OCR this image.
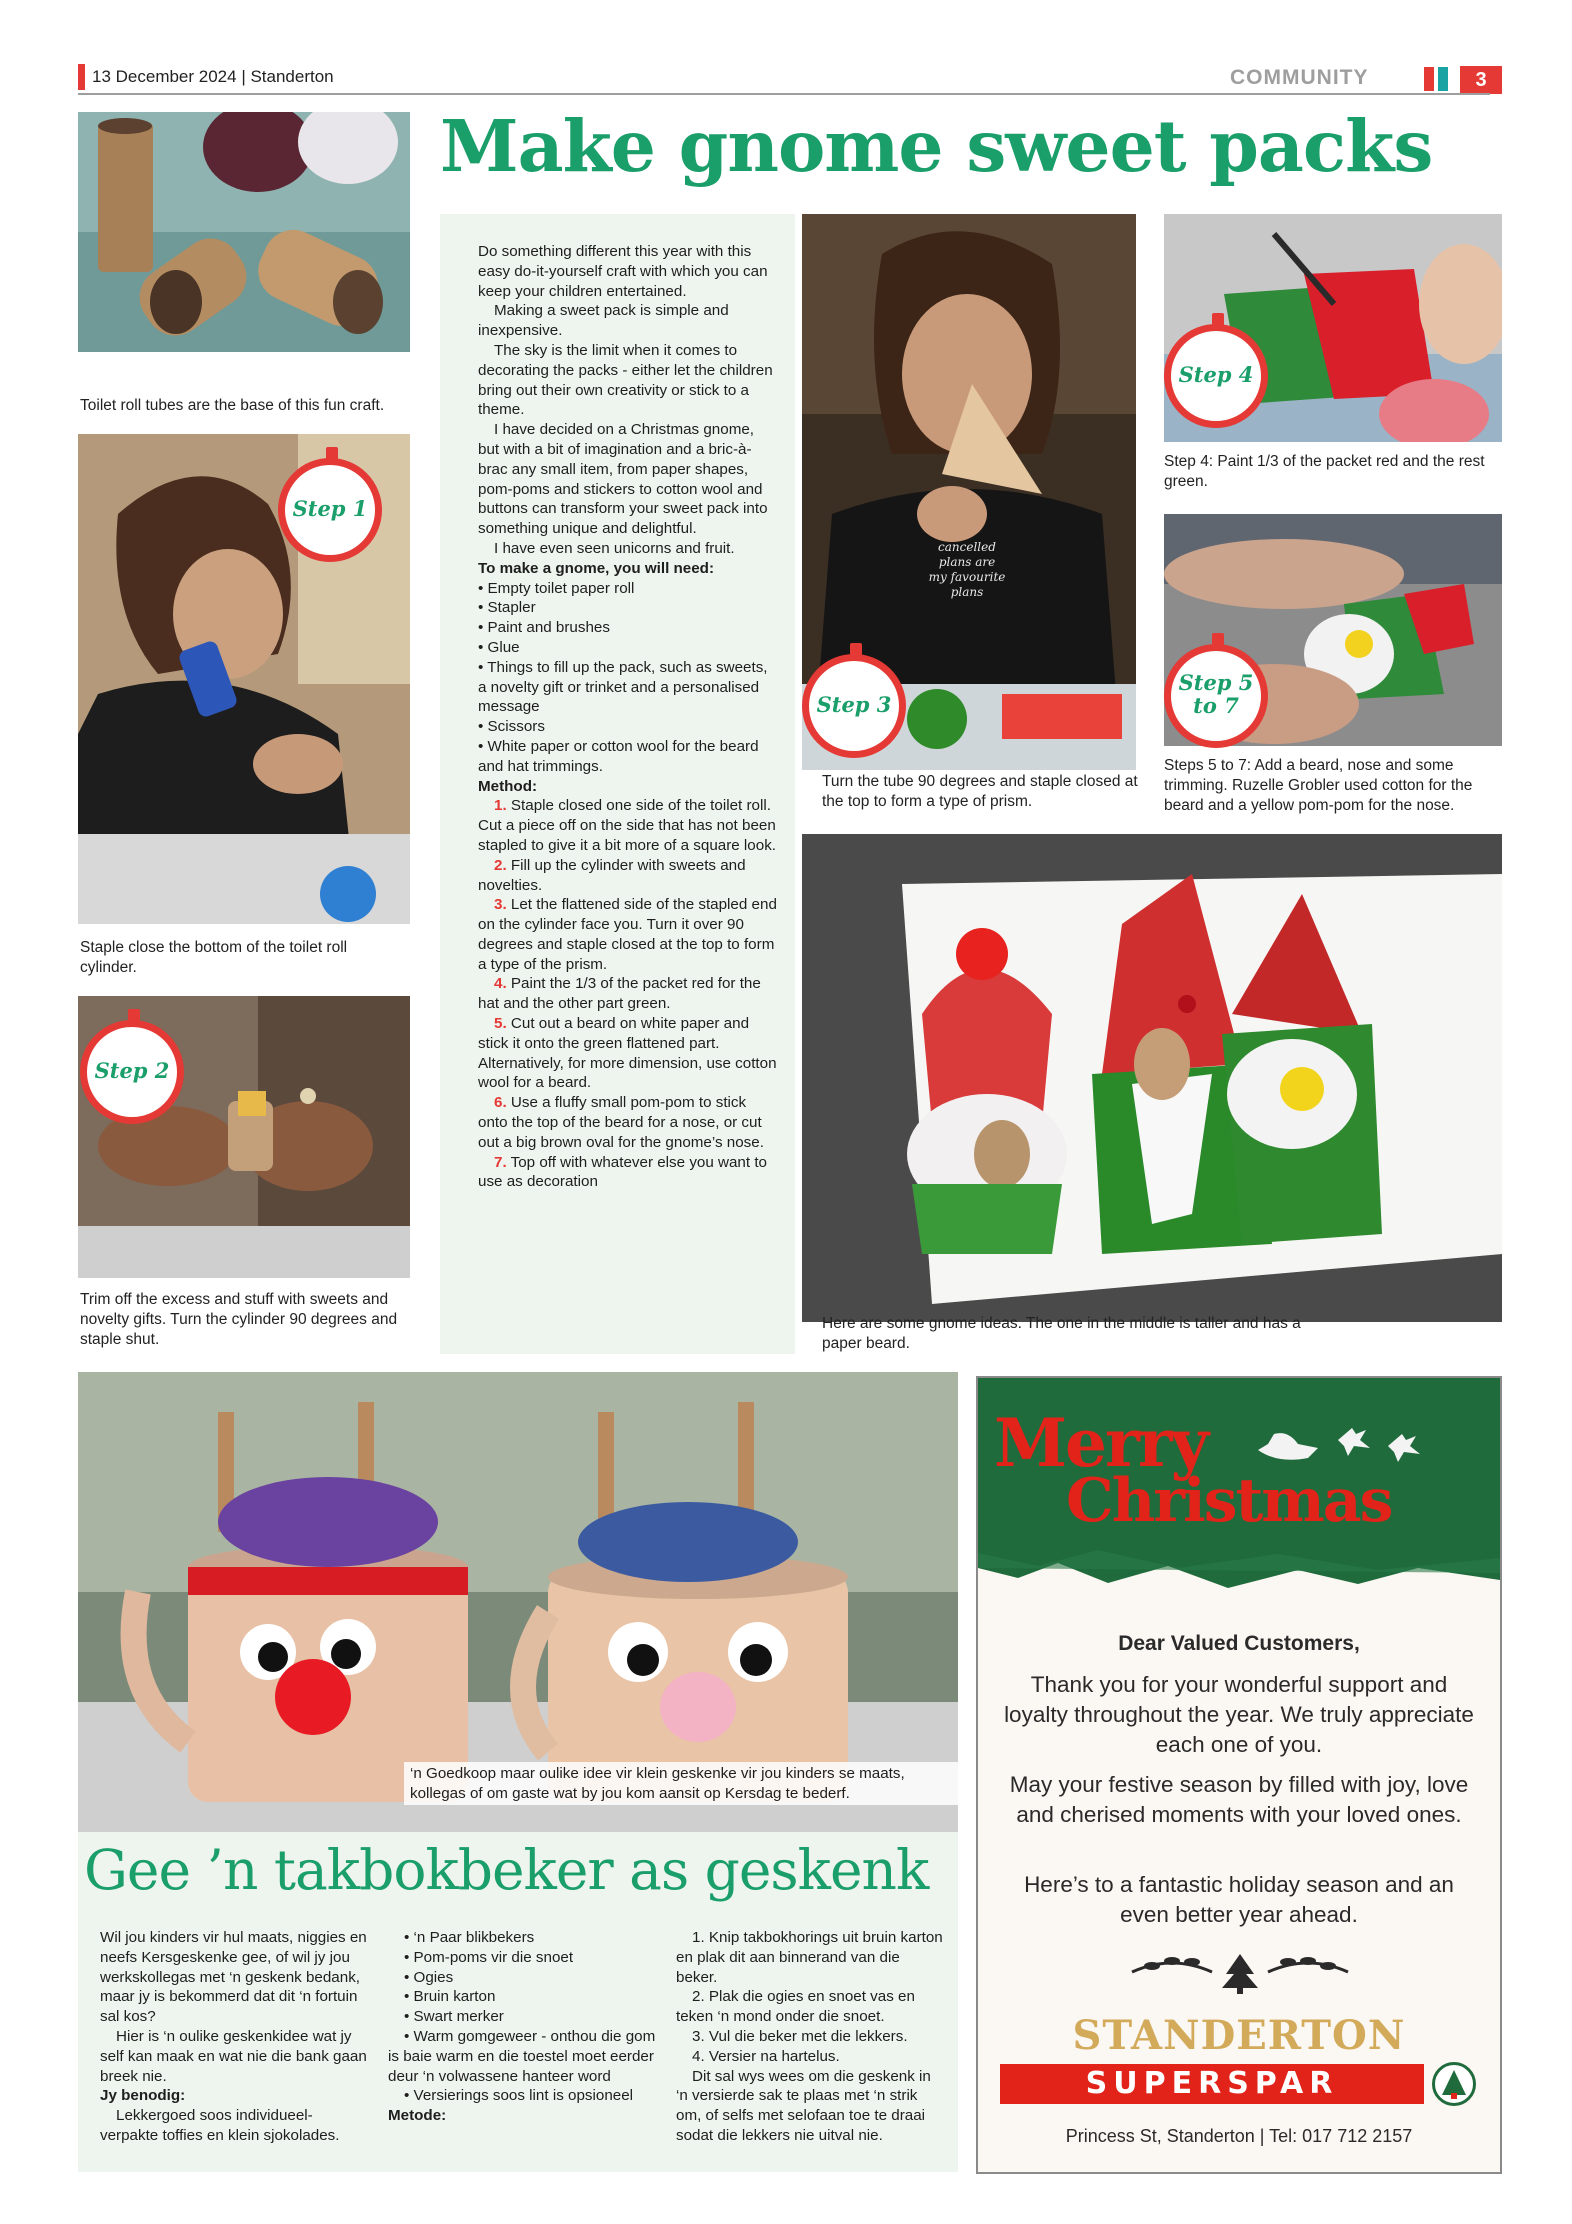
13 December 2024 | Standerton	COMMUNITY	3
Make gnome sweet packs
Toilet roll tubes are the base of this fun craft.
Staple close the bottom of the toilet roll cylinder.
Trim off the excess and stuff with sweets and novelty gifts. Turn the cylinder 90 degrees and staple shut.

Do something different this year with this easy do-it-yourself craft with which you can keep your children entertained.

Making a sweet pack is simple and inexpensive.

The sky is the limit when it comes to decorating the packs - either let the children bring out their own creativity or stick to a theme.

I have decided on a Christmas gnome, but with a bit of imagination and a bric-à-brac any small item, from paper shapes, pom-poms and stickers to cotton wool and buttons can transform your sweet pack into something unique and delightful.

I have even seen unicorns and fruit.

To make a gnome, you will need:

• Empty toilet paper roll

• Stapler

• Paint and brushes

• Glue

• Things to fill up the pack, such as sweets, a novelty gift or trinket and a personalised message

• Scissors

• White paper or cotton wool for the beard and hat trimmings.

Method:

1. Staple closed one side of the toilet roll. Cut a piece off on the side that has not been stapled to give it a bit more of a square look.

2. Fill up the cylinder with sweets and novelties.

3. Let the flattened side of the stapled end on the cylinder face you. Turn it over 90 degrees and staple closed at the top to form a type of the prism.

4. Paint the 1/3 of the packet red for the hat and the other part green.

5. Cut out a beard on white paper and stick it onto the green flattened part. Alternatively, for more dimension, use cotton wool for a beard.

6. Use a fluffy small pom-pom to stick onto the top of the beard for a nose, or cut out a big brown oval for the gnome’s nose.

7. Top off with whatever else you want to use as decoration

cancelled
plans are
my favourite
plans
Turn the tube 90 degrees and staple closed at the top to form a type of prism.
Step 4: Paint 1/3 of the packet red and the rest green.
Steps 5 to 7: Add a beard, nose and some trimming. Ruzelle Grobler used cotton for the beard and a yellow pom-pom for the nose.
Here are some gnome ideas. The one in the middle is taller and has a paper beard.
Step 1
Step 2
Step 3
Step 4
Step 5
to 7
‘n Goedkoop maar oulike idee vir klein geskenke vir jou kinders se maats, kollegas of om gaste wat by jou kom aansit op Kersdag te bederf.
Gee ’n takbokbeker as geskenk

Wil jou kinders vir hul maats, niggies en neefs Kersgeskenke gee, of wil jy jou werkskollegas met ‘n geskenk bedank, maar jy is bekommerd dat dit ‘n fortuin sal kos?

Hier is ‘n oulike geskenkidee wat jy self kan maak en wat nie die bank gaan breek nie.

Jy benodig:

Lekkergoed soos individueel-verpakte toffies en klein sjokolades.

• ‘n Paar blikbekers

• Pom-poms vir die snoet

• Ogies

• Bruin karton

• Swart merker

• Warm gomgeweer - onthou die gom is baie warm en die toestel moet eerder deur ‘n volwassene hanteer word

• Versierings soos lint is opsioneel

Metode:

1. Knip takbokhorings uit bruin karton en plak dit aan binnerand van die beker.

2. Plak die ogies en snoet vas en teken ‘n mond onder die snoet.

3. Vul die beker met die lekkers.

4. Versier na hartelus.

Dit sal wys wees om die geskenk in ‘n versierde sak te plaas met ‘n strik om, of selfs met selofaan toe te draai sodat die lekkers nie uitval nie.

Merry
Christmas
Dear Valued Customers,
Thank you for your wonderful support and loyalty throughout the year. We truly appreciate each one of you.
May your festive season by filled with joy, love and cherised moments with your loved ones.
Here’s to a fantastic holiday season and an even better year ahead.
STANDERTON
SUPERSPAR
Princess St, Standerton | Tel: 017 712 2157
